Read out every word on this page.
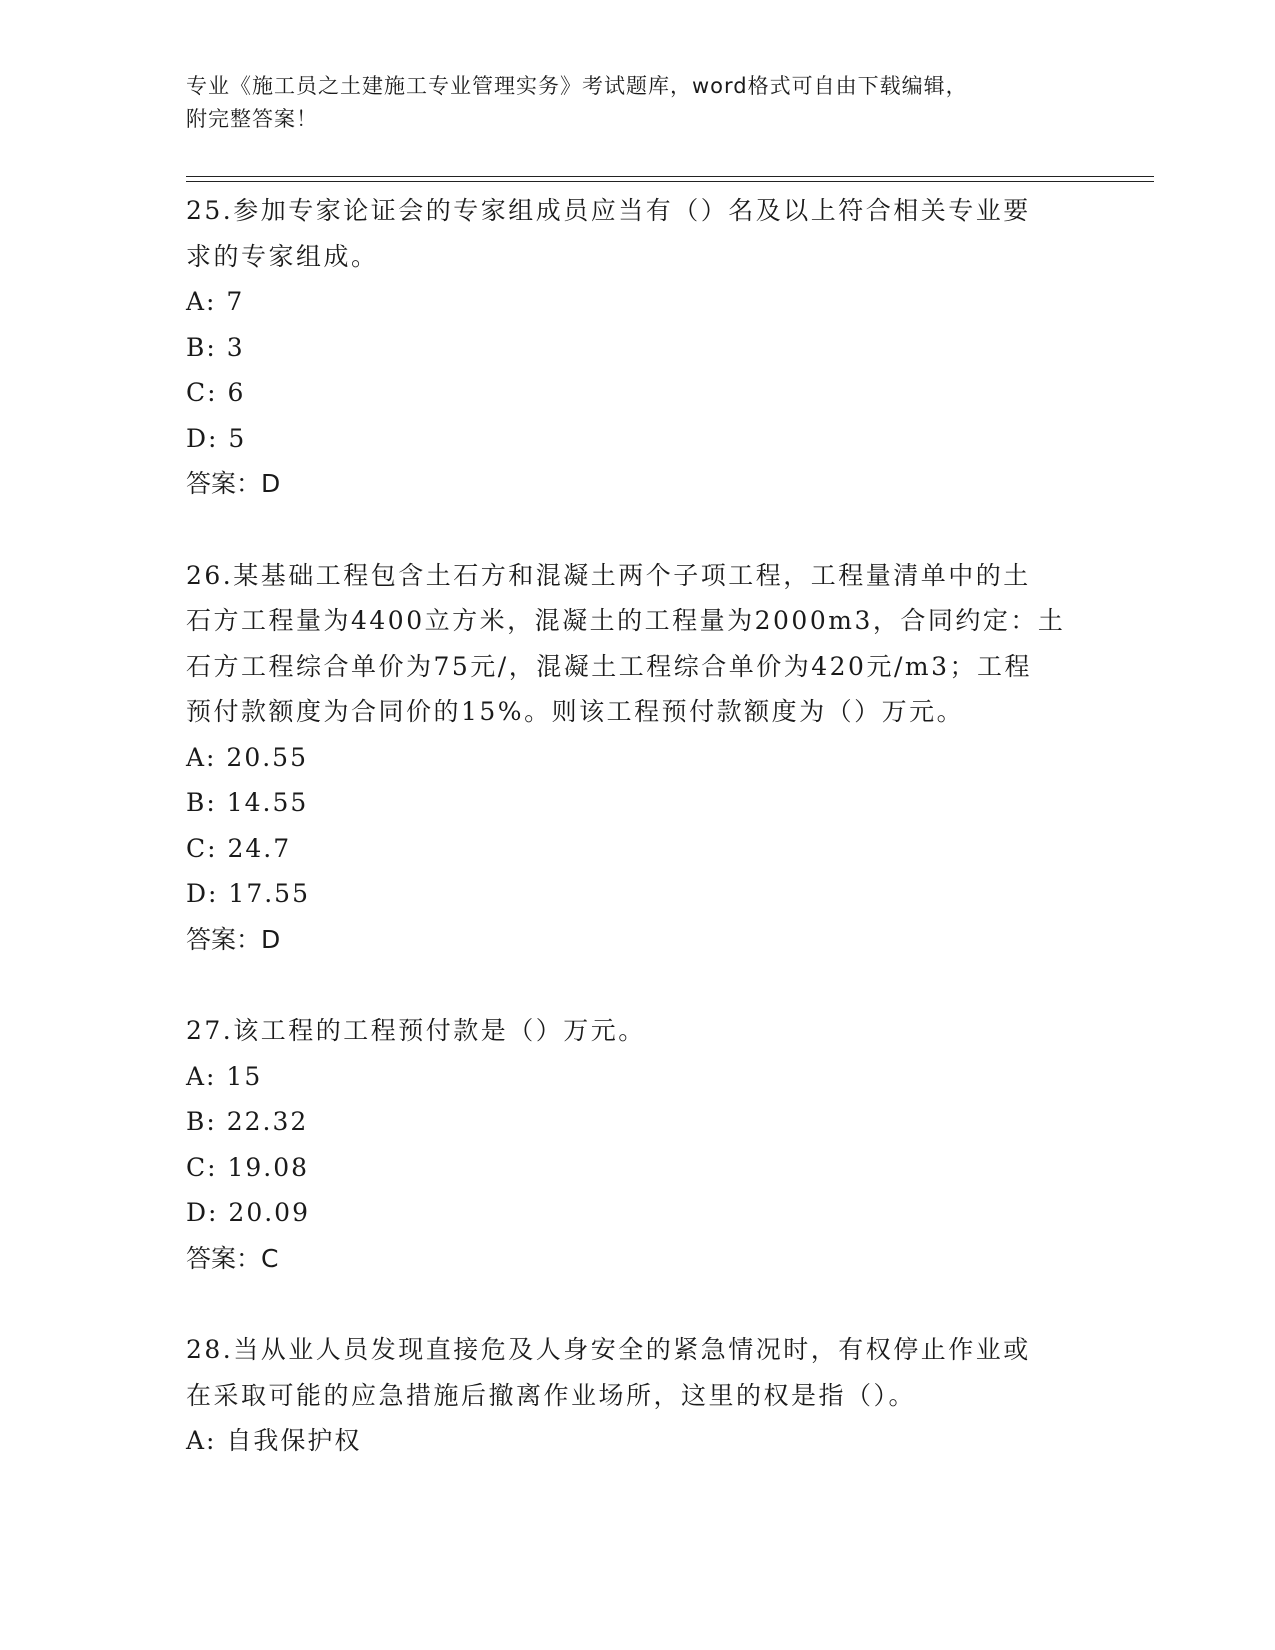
专业《施工员之土建施工专业管理实务》考试题库，word格式可自由下载编辑，
附完整答案！

25.参加专家论证会的专家组成员应当有（）名及以上符合相关专业要

求的专家组成。

A: 7

B: 3

C: 6

D: 5

答案：D

26.某基础工程包含土石方和混凝土两个子项工程，工程量清单中的土

石方工程量为4400立方米，混凝土的工程量为2000m3，合同约定：土

石方工程综合单价为75元/，混凝土工程综合单价为420元/m3；工程

预付款额度为合同价的15%。则该工程预付款额度为（）万元。

A: 20.55

B: 14.55

C: 24.7

D: 17.55

答案：D

27.该工程的工程预付款是（）万元。

A: 15

B: 22.32

C: 19.08

D: 20.09

答案：C

28.当从业人员发现直接危及人身安全的紧急情况时，有权停止作业或

在采取可能的应急措施后撤离作业场所，这里的权是指（）。

A: 自我保护权
